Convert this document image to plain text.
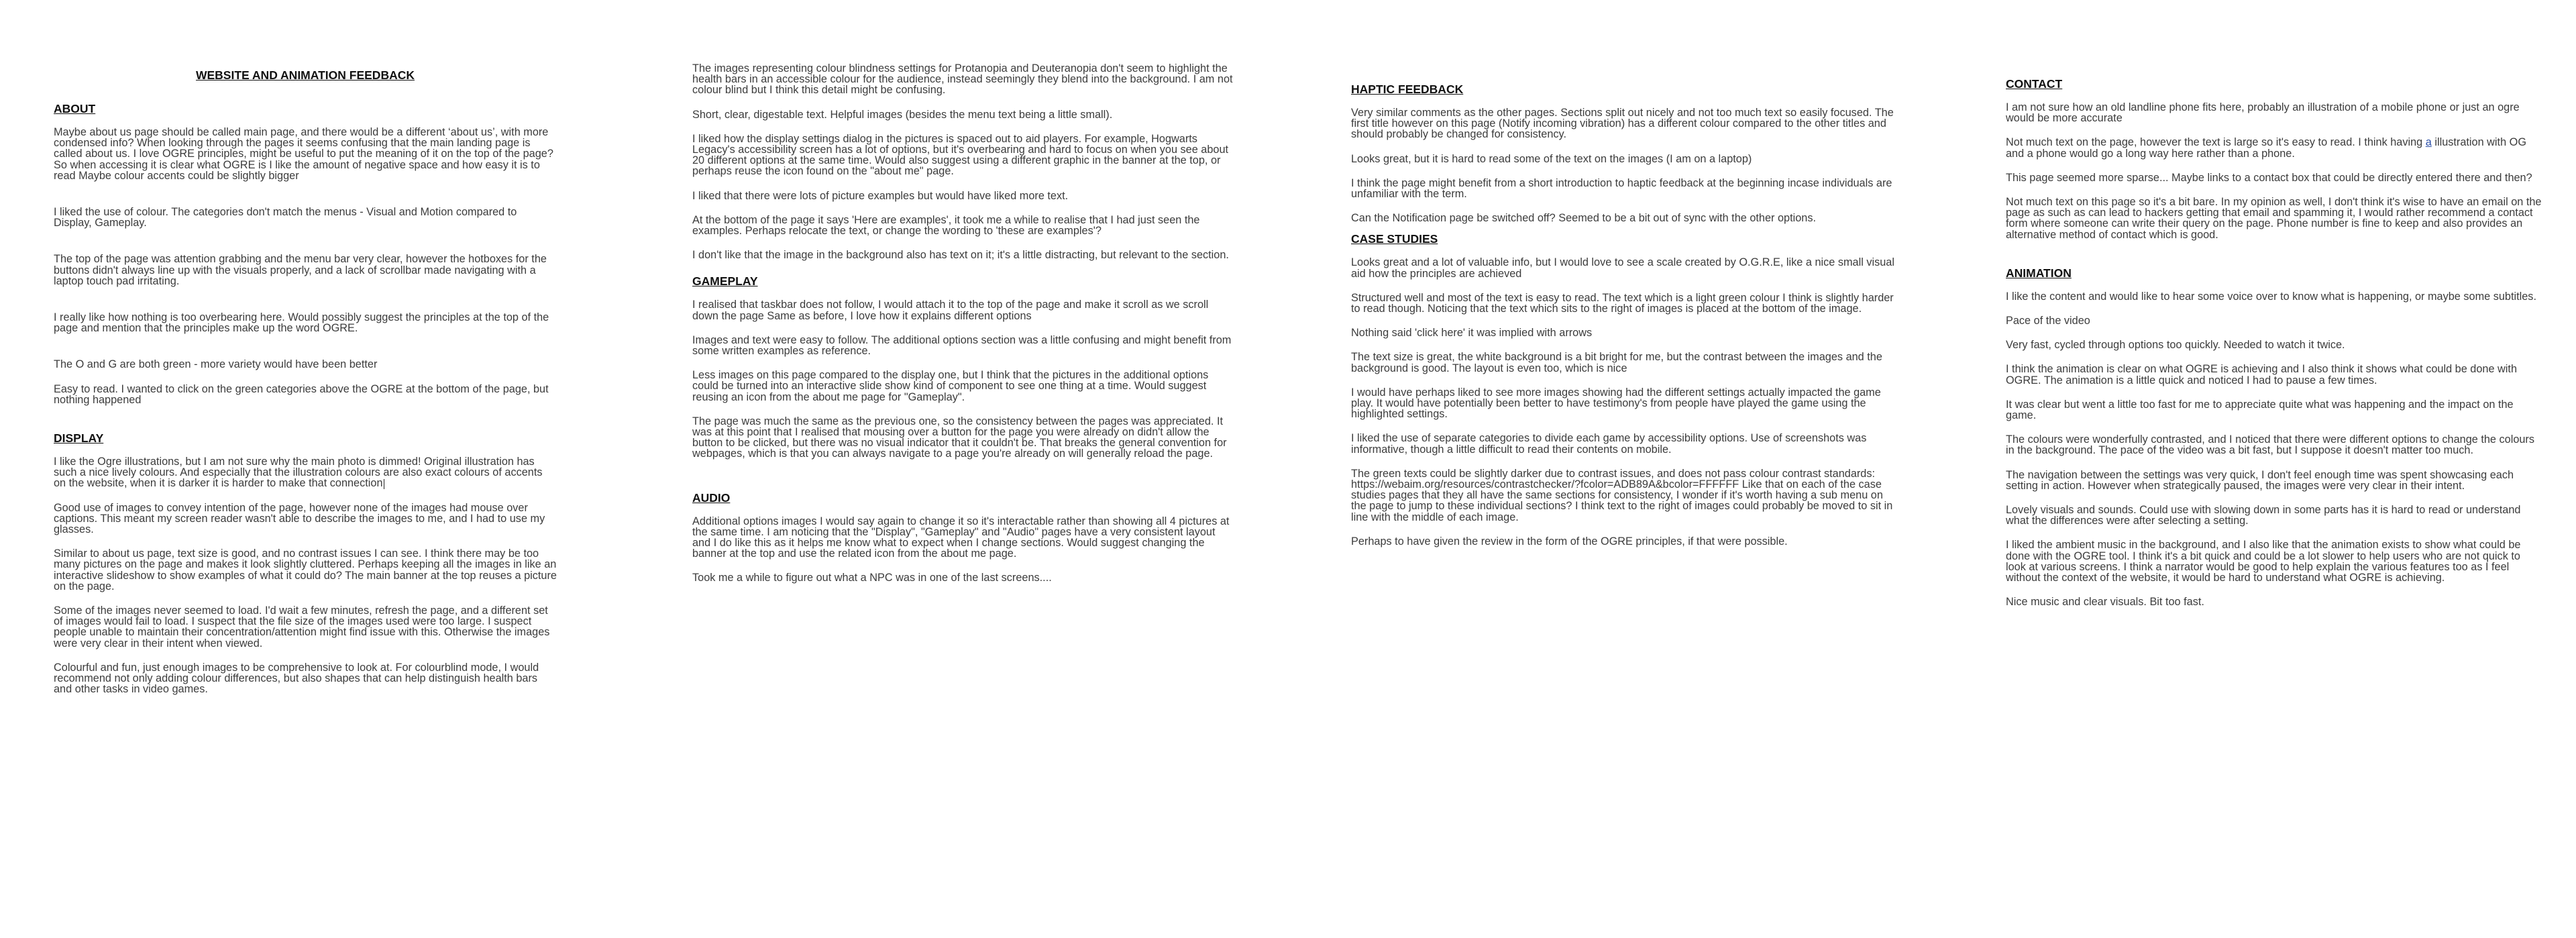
WEBSITE AND ANIMATION FEEDBACK
ABOUT

Maybe about us page should be called main page, and there would be a different ‘about us’, with more condensed info? When looking through the pages it seems confusing that the main landing page is called about us. I love OGRE principles, might be useful to put the meaning of it on the top of the page? So when accessing it is clear what OGRE is I like the amount of negative space and how easy it is to read Maybe colour accents could be slightly bigger

I liked the use of colour. The categories don't match the menus - Visual and Motion compared to Display, Gameplay.

The top of the page was attention grabbing and the menu bar very clear, however the hotboxes for the buttons didn't always line up with the visuals properly, and a lack of scrollbar made navigating with a laptop touch pad irritating.

I really like how nothing is too overbearing here. Would possibly suggest the principles at the top of the page and mention that the principles make up the word OGRE.

The O and G are both green - more variety would have been better

Easy to read. I wanted to click on the green categories above the OGRE at the bottom of the page, but nothing happened

DISPLAY

I like the Ogre illustrations, but I am not sure why the main photo is dimmed! Original illustration has such a nice lively colours. And especially that the illustration colours are also exact colours of accents on the website, when it is darker it is harder to make that connection

Good use of images to convey intention of the page, however none of the images had mouse over captions. This meant my screen reader wasn't able to describe the images to me, and I had to use my glasses.

Similar to about us page, text size is good, and no contrast issues I can see. I think there may be too many pictures on the page and makes it look slightly cluttered. Perhaps keeping all the images in like an interactive slideshow to show examples of what it could do? The main banner at the top reuses a picture on the page.

Some of the images never seemed to load. I'd wait a few minutes, refresh the page, and a different set of images would fail to load. I suspect that the file size of the images used were too large. I suspect people unable to maintain their concentration/attention might find issue with this. Otherwise the images were very clear in their intent when viewed.

Colourful and fun, just enough images to be comprehensive to look at. For colourblind mode, I would recommend not only adding colour differences, but also shapes that can help distinguish health bars and other tasks in video games.

The images representing colour blindness settings for Protanopia and Deuteranopia don't seem to highlight the health bars in an accessible colour for the audience, instead seemingly they blend into the background. I am not colour blind but I think this detail might be confusing.

Short, clear, digestable text. Helpful images (besides the menu text being a little small).

I liked how the display settings dialog in the pictures is spaced out to aid players. For example, Hogwarts Legacy's accessibility screen has a lot of options, but it's overbearing and hard to focus on when you see about 20 different options at the same time. Would also suggest using a different graphic in the banner at the top, or perhaps reuse the icon found on the "about me" page.

I liked that there were lots of picture examples but would have liked more text.

At the bottom of the page it says 'Here are examples', it took me a while to realise that I had just seen the examples. Perhaps relocate the text, or change the wording to 'these are examples'?

I don't like that the image in the background also has text on it; it's a little distracting, but relevant to the section.

GAMEPLAY

I realised that taskbar does not follow, I would attach it to the top of the page and make it scroll as we scroll down the page Same as before, I love how it explains different options

Images and text were easy to follow. The additional options section was a little confusing and might benefit from some written examples as reference.

Less images on this page compared to the display one, but I think that the pictures in the additional options could be turned into an interactive slide show kind of component to see one thing at a time. Would suggest reusing an icon from the about me page for "Gameplay".

The page was much the same as the previous one, so the consistency between the pages was appreciated. It was at this point that I realised that mousing over a button for the page you were already on didn't allow the button to be clicked, but there was no visual indicator that it couldn't be. That breaks the general convention for webpages, which is that you can always navigate to a page you're already on will generally reload the page.

AUDIO

Additional options images I would say again to change it so it's interactable rather than showing all 4 pictures at the same time. I am noticing that the "Display", "Gameplay" and "Audio" pages have a very consistent layout and I do like this as it helps me know what to expect when I change sections. Would suggest changing the banner at the top and use the related icon from the about me page.

Took me a while to figure out what a NPC was in one of the last screens....

HAPTIC FEEDBACK

Very similar comments as the other pages. Sections split out nicely and not too much text so easily focused. The first title however on this page (Notify incoming vibration) has a different colour compared to the other titles and should probably be changed for consistency.

Looks great, but it is hard to read some of the text on the images (I am on a laptop)

I think the page might benefit from a short introduction to haptic feedback at the beginning incase individuals are unfamiliar with the term.

Can the Notification page be switched off? Seemed to be a bit out of sync with the other options.

CASE STUDIES

Looks great and a lot of valuable info, but I would love to see a scale created by O.G.R.E, like a nice small visual aid how the principles are achieved

Structured well and most of the text is easy to read. The text which is a light green colour I think is slightly harder to read though. Noticing that the text which sits to the right of images is placed at the bottom of the image.

Nothing said 'click here' it was implied with arrows

The text size is great, the white background is a bit bright for me, but the contrast between the images and the background is good. The layout is even too, which is nice

I would have perhaps liked to see more images showing had the different settings actually impacted the game play. It would have potentially been better to have testimony's from people have played the game using the highlighted settings.

I liked the use of separate categories to divide each game by accessibility options. Use of screenshots was informative, though a little difficult to read their contents on mobile.

The green texts could be slightly darker due to contrast issues, and does not pass colour contrast standards: https://webaim.org/resources/contrastchecker/?fcolor=ADB89A&bcolor=FFFFFF Like that on each of the case studies pages that they all have the same sections for consistency, I wonder if it's worth having a sub menu on the page to jump to these individual sections? I think text to the right of images could probably be moved to sit in line with the middle of each image.

Perhaps to have given the review in the form of the OGRE principles, if that were possible.

CONTACT

I am not sure how an old landline phone fits here, probably an illustration of a mobile phone or just an ogre would be more accurate

Not much text on the page, however the text is large so it's easy to read. I think having a illustration with OG and a phone would go a long way here rather than a phone.

This page seemed more sparse... Maybe links to a contact box that could be directly entered there and then?

Not much text on this page so it's a bit bare. In my opinion as well, I don't think it's wise to have an email on the page as such as can lead to hackers getting that email and spamming it, I would rather recommend a contact form where someone can write their query on the page. Phone number is fine to keep and also provides an alternative method of contact which is good.

ANIMATION

I like the content and would like to hear some voice over to know what is happening, or maybe some subtitles.

Pace of the video

Very fast, cycled through options too quickly. Needed to watch it twice.

I think the animation is clear on what OGRE is achieving and I also think it shows what could be done with OGRE. The animation is a little quick and noticed I had to pause a few times.

It was clear but went a little too fast for me to appreciate quite what was happening and the impact on the game.

The colours were wonderfully contrasted, and I noticed that there were different options to change the colours in the background. The pace of the video was a bit fast, but I suppose it doesn't matter too much.

The navigation between the settings was very quick, I don't feel enough time was spent showcasing each setting in action. However when strategically paused, the images were very clear in their intent.

Lovely visuals and sounds. Could use with slowing down in some parts has it is hard to read or understand what the differences were after selecting a setting.

I liked the ambient music in the background, and I also like that the animation exists to show what could be done with the OGRE tool. I think it's a bit quick and could be a lot slower to help users who are not quick to look at various screens. I think a narrator would be good to help explain the various features too as I feel without the context of the website, it would be hard to understand what OGRE is achieving.

Nice music and clear visuals. Bit too fast.
